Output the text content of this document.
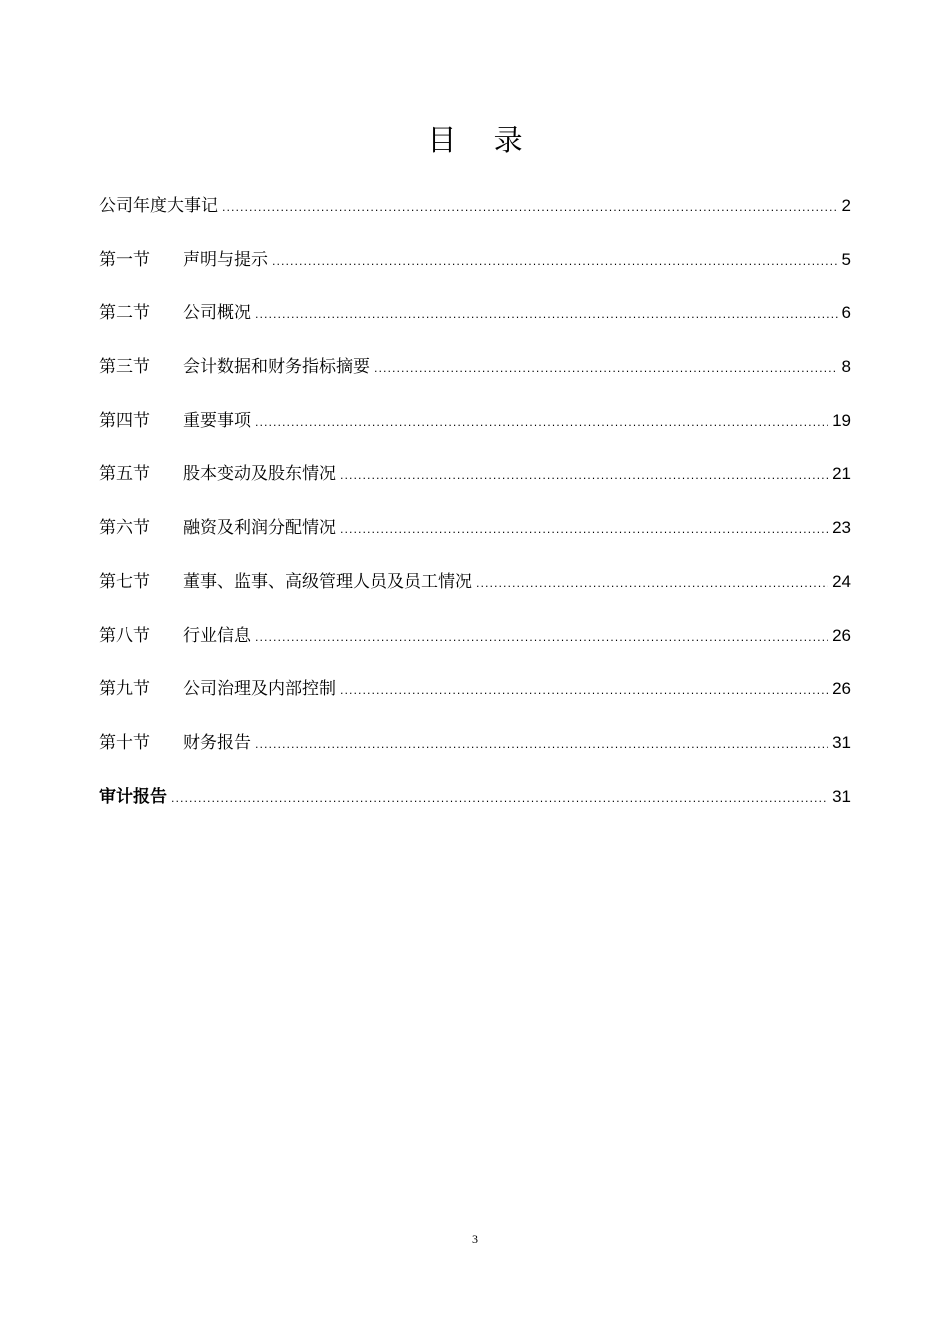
目 录
公司年度大事记 .....	2
第一节	声明与提示 .....	5
第二节	公司概况 .....	6
第三节	会计数据和财务指标摘要 .....	8
第四节	重要事项 .....	19
第五节	股本变动及股东情况 .....	21
第六节	融资及利润分配情况 .....	23
第七节	董事、监事、高级管理人员及员工情况 .....	24
第八节	行业信息 .....	26
第九节	公司治理及内部控制 .....	26
第十节	财务报告 .....	31
审计报告 .....	31
3
